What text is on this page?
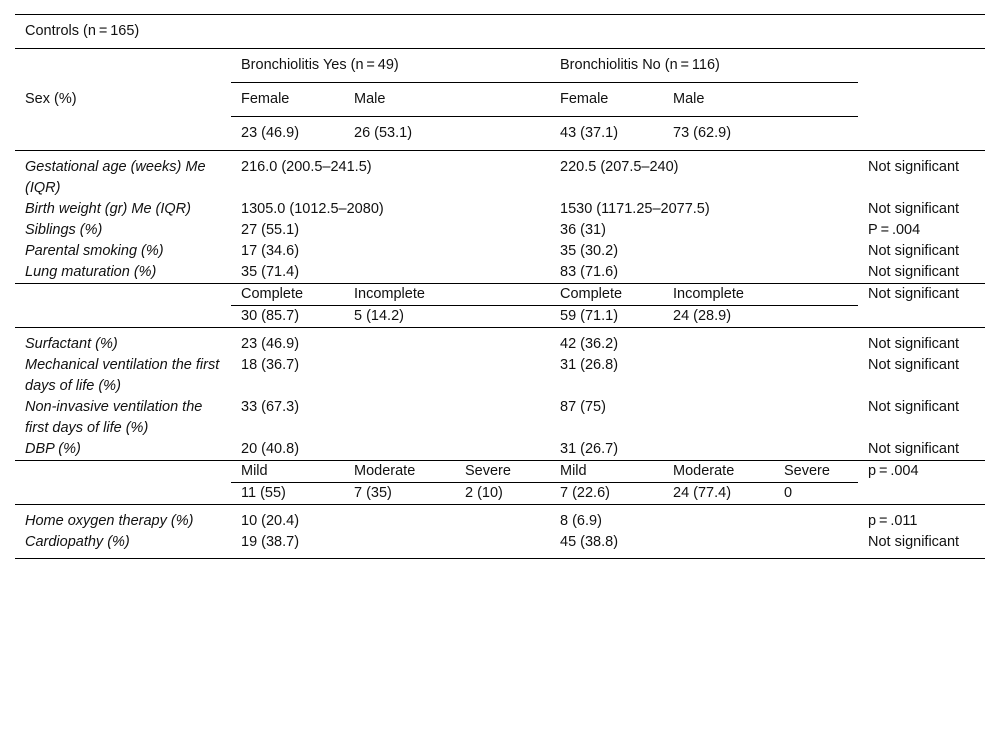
Controls (n = 165)							
Sex (%)	Bronchiolitis Yes (n = 49)			Bronchiolitis No (n = 116)			
	Female	Male		Female	Male		
	23 (46.9)	26 (53.1)		43 (37.1)	73 (62.9)		
Gestational age (weeks) Me (IQR)	216.0 (200.5–241.5)			220.5 (207.5–240)			Not significant
Birth weight (gr) Me (IQR)	1305.0 (1012.5–2080)			1530 (1171.25–2077.5)			Not significant
Siblings (%)	27 (55.1)			36 (31)			P = .004
Parental smoking (%)	17 (34.6)			35 (30.2)			Not significant
Lung maturation (%)	35 (71.4)			83 (71.6)			Not significant
	Complete	Incomplete		Complete	Incomplete		Not significant
	30 (85.7)	5 (14.2)		59 (71.1)	24 (28.9)		
Surfactant (%)	23 (46.9)			42 (36.2)			Not significant
Mechanical ventilation the first days of life (%)	18 (36.7)			31 (26.8)			Not significant
Non-invasive ventilation the first days of life (%)	33 (67.3)			87 (75)			Not significant
DBP (%)	20 (40.8)			31 (26.7)			Not significant
	Mild	Moderate	Severe	Mild	Moderate	Severe	p = .004
	11 (55)	7 (35)	2 (10)	7 (22.6)	24 (77.4)	0	
Home oxygen therapy (%)	10 (20.4)			8 (6.9)			p = .011
Cardiopathy (%)	19 (38.7)			45 (38.8)			Not significant
